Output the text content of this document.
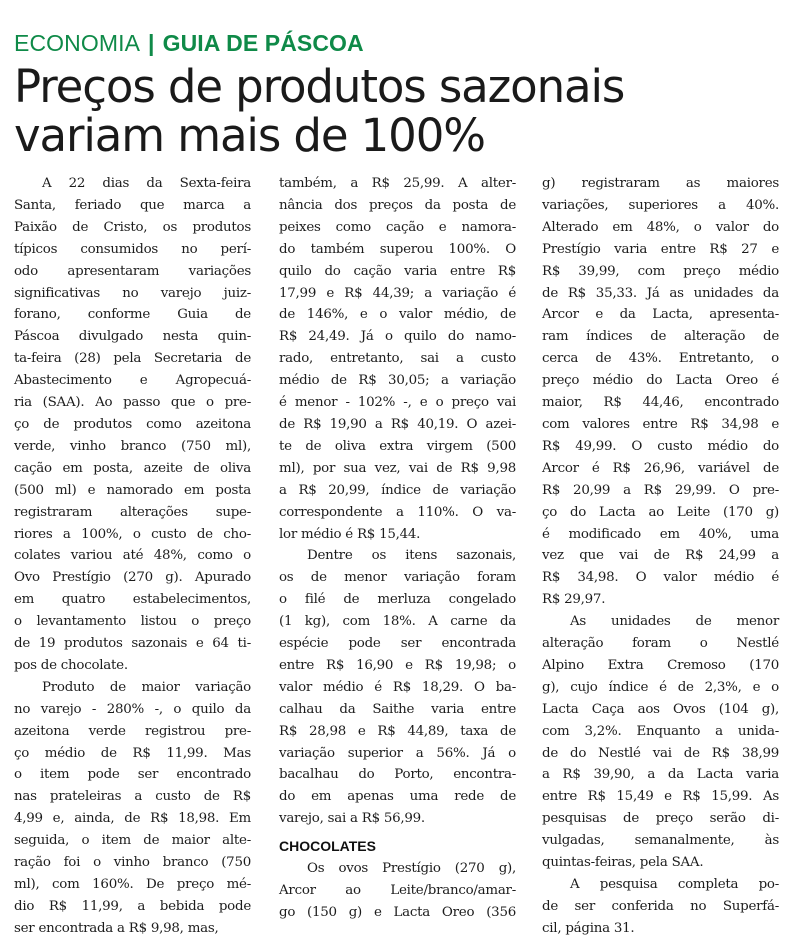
ECONOMIA | GUIA DE PÁSCOA
Preços de produtos sazonais
variam mais de 100%
A 22 dias da Sexta-feira
Santa, feriado que marca a
Paixão de Cristo, os produtos
típicos consumidos no perí-
odo apresentaram variações
significativas no varejo juiz-
forano, conforme Guia de
Páscoa divulgado nesta quin-
ta-feira (28) pela Secretaria de
Abastecimento e Agropecuá-
ria (SAA). Ao passo que o pre-
ço de produtos como azeitona
verde, vinho branco (750 ml),
cação em posta, azeite de oliva
(500 ml) e namorado em posta
registraram alterações supe-
riores a 100%, o custo de cho-
colates variou até 48%, como o
Ovo Prestígio (270 g). Apurado
em quatro estabelecimentos,
o levantamento listou o preço
de 19 produtos sazonais e 64 ti-
pos de chocolate.
Produto de maior variação
no varejo - 280% -, o quilo da
azeitona verde registrou pre-
ço médio de R$ 11,99. Mas
o item pode ser encontrado
nas prateleiras a custo de R$
4,99 e, ainda, de R$ 18,98. Em
seguida, o item de maior alte-
ração foi o vinho branco (750
ml), com 160%. De preço mé-
dio R$ 11,99, a bebida pode
ser encontrada a R$ 9,98, mas,
também, a R$ 25,99. A alter-
nância dos preços da posta de
peixes como cação e namora-
do também superou 100%. O
quilo do cação varia entre R$
17,99 e R$ 44,39; a variação é
de 146%, e o valor médio, de
R$ 24,49. Já o quilo do namo-
rado, entretanto, sai a custo
médio de R$ 30,05; a variação
é menor - 102% -, e o preço vai
de R$ 19,90 a R$ 40,19. O azei-
te de oliva extra virgem (500
ml), por sua vez, vai de R$ 9,98
a R$ 20,99, índice de variação
correspondente a 110%. O va-
lor médio é R$ 15,44.
Dentre os itens sazonais,
os de menor variação foram
o filé de merluza congelado
(1 kg), com 18%. A carne da
espécie pode ser encontrada
entre R$ 16,90 e R$ 19,98; o
valor médio é R$ 18,29. O ba-
calhau da Saithe varia entre
R$ 28,98 e R$ 44,89, taxa de
variação superior a 56%. Já o
bacalhau do Porto, encontra-
do em apenas uma rede de
varejo, sai a R$ 56,99.
CHOCOLATES
Os ovos Prestígio (270 g),
Arcor ao Leite/branco/amar-
go (150 g) e Lacta Oreo (356
g) registraram as maiores
variações, superiores a 40%.
Alterado em 48%, o valor do
Prestígio varia entre R$ 27 e
R$ 39,99, com preço médio
de R$ 35,33. Já as unidades da
Arcor e da Lacta, apresenta-
ram índices de alteração de
cerca de 43%. Entretanto, o
preço médio do Lacta Oreo é
maior, R$ 44,46, encontrado
com valores entre R$ 34,98 e
R$ 49,99. O custo médio do
Arcor é R$ 26,96, variável de
R$ 20,99 a R$ 29,99. O pre-
ço do Lacta ao Leite (170 g)
é modificado em 40%, uma
vez que vai de R$ 24,99 a
R$ 34,98. O valor médio é
R$ 29,97.
As unidades de menor
alteração foram o Nestlé
Alpino Extra Cremoso (170
g), cujo índice é de 2,3%, e o
Lacta Caça aos Ovos (104 g),
com 3,2%. Enquanto a unida-
de do Nestlé vai de R$ 38,99
a R$ 39,90, a da Lacta varia
entre R$ 15,49 e R$ 15,99. As
pesquisas de preço serão di-
vulgadas, semanalmente, às
quintas-feiras, pela SAA.
A pesquisa completa po-
de ser conferida no Superfá-
cil, página 31.
